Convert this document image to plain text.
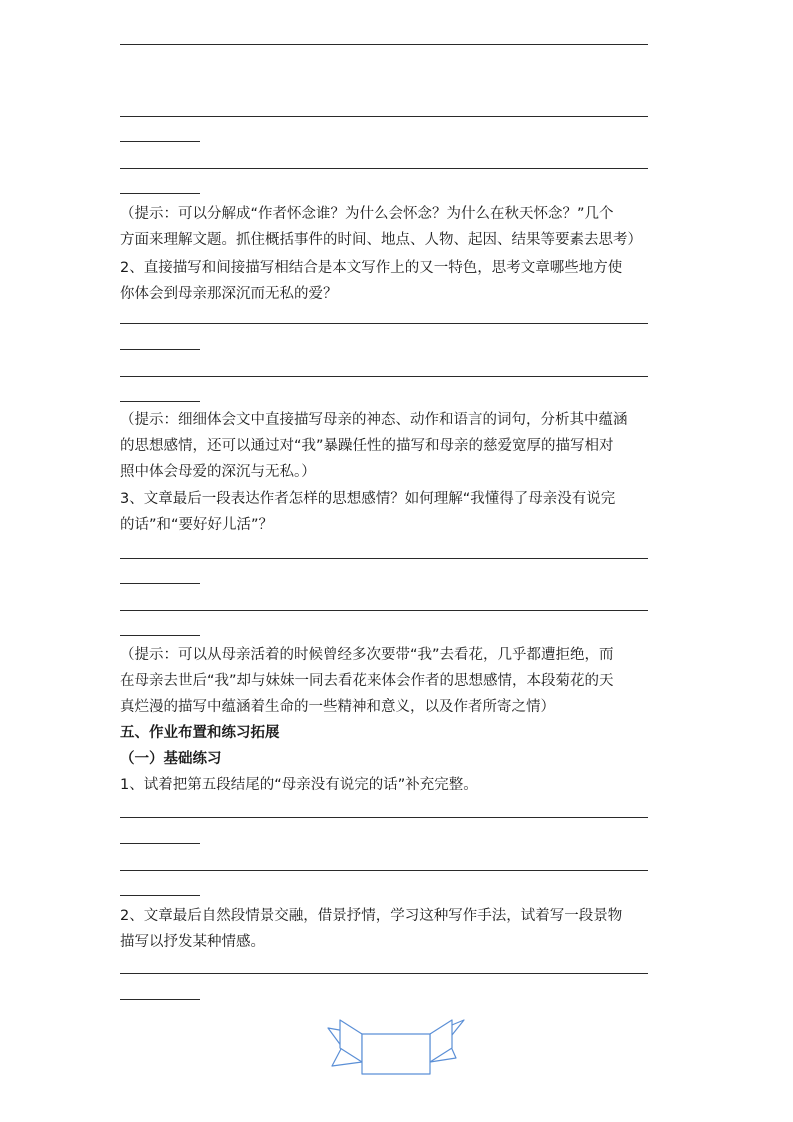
（提示：可以分解成“作者怀念谁？为什么会怀念？为什么在秋天怀念？”几个
方面来理解文题。抓住概括事件的时间、地点、人物、起因、结果等要素去思考）
2、直接描写和间接描写相结合是本文写作上的又一特色，思考文章哪些地方使
你体会到母亲那深沉而无私的爱？
（提示：细细体会文中直接描写母亲的神态、动作和语言的词句，分析其中蕴涵
的思想感情，还可以通过对“我”暴躁任性的描写和母亲的慈爱宽厚的描写相对
照中体会母爱的深沉与无私。）
3、文章最后一段表达作者怎样的思想感情？如何理解“我懂得了母亲没有说完
的话”和“要好好儿活”？
（提示：可以从母亲活着的时候曾经多次要带“我”去看花，几乎都遭拒绝，而
在母亲去世后“我”却与妹妹一同去看花来体会作者的思想感情，本段菊花的天
真烂漫的描写中蕴涵着生命的一些精神和意义，以及作者所寄之情）
五、作业布置和练习拓展
（一）基础练习
1、试着把第五段结尾的“母亲没有说完的话”补充完整。
2、文章最后自然段情景交融，借景抒情，学习这种写作手法，试着写一段景物
描写以抒发某种情感。
